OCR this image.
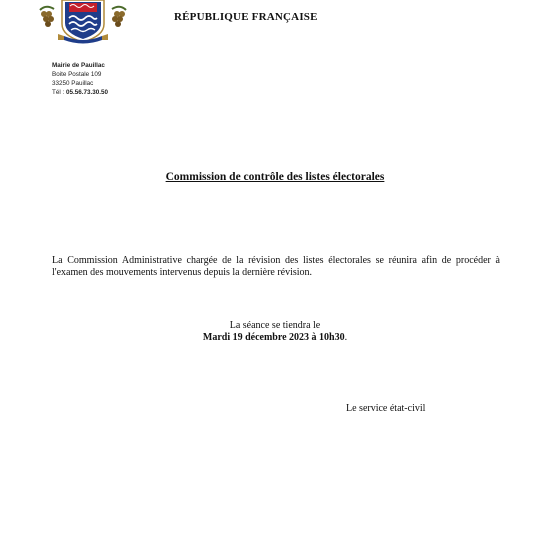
RÉPUBLIQUE FRANÇAISE
Mairie de Pauillac
Boite Postale 109
33250 Pauillac
Tél : 05.56.73.30.50
Commission de contrôle des listes électorales
La Commission Administrative chargée de la révision des listes électorales se réunira afin de procéder à l'examen des mouvements intervenus depuis la dernière révision.
La séance se tiendra le
Mardi 19 décembre 2023 à 10h30.
Le service état-civil
